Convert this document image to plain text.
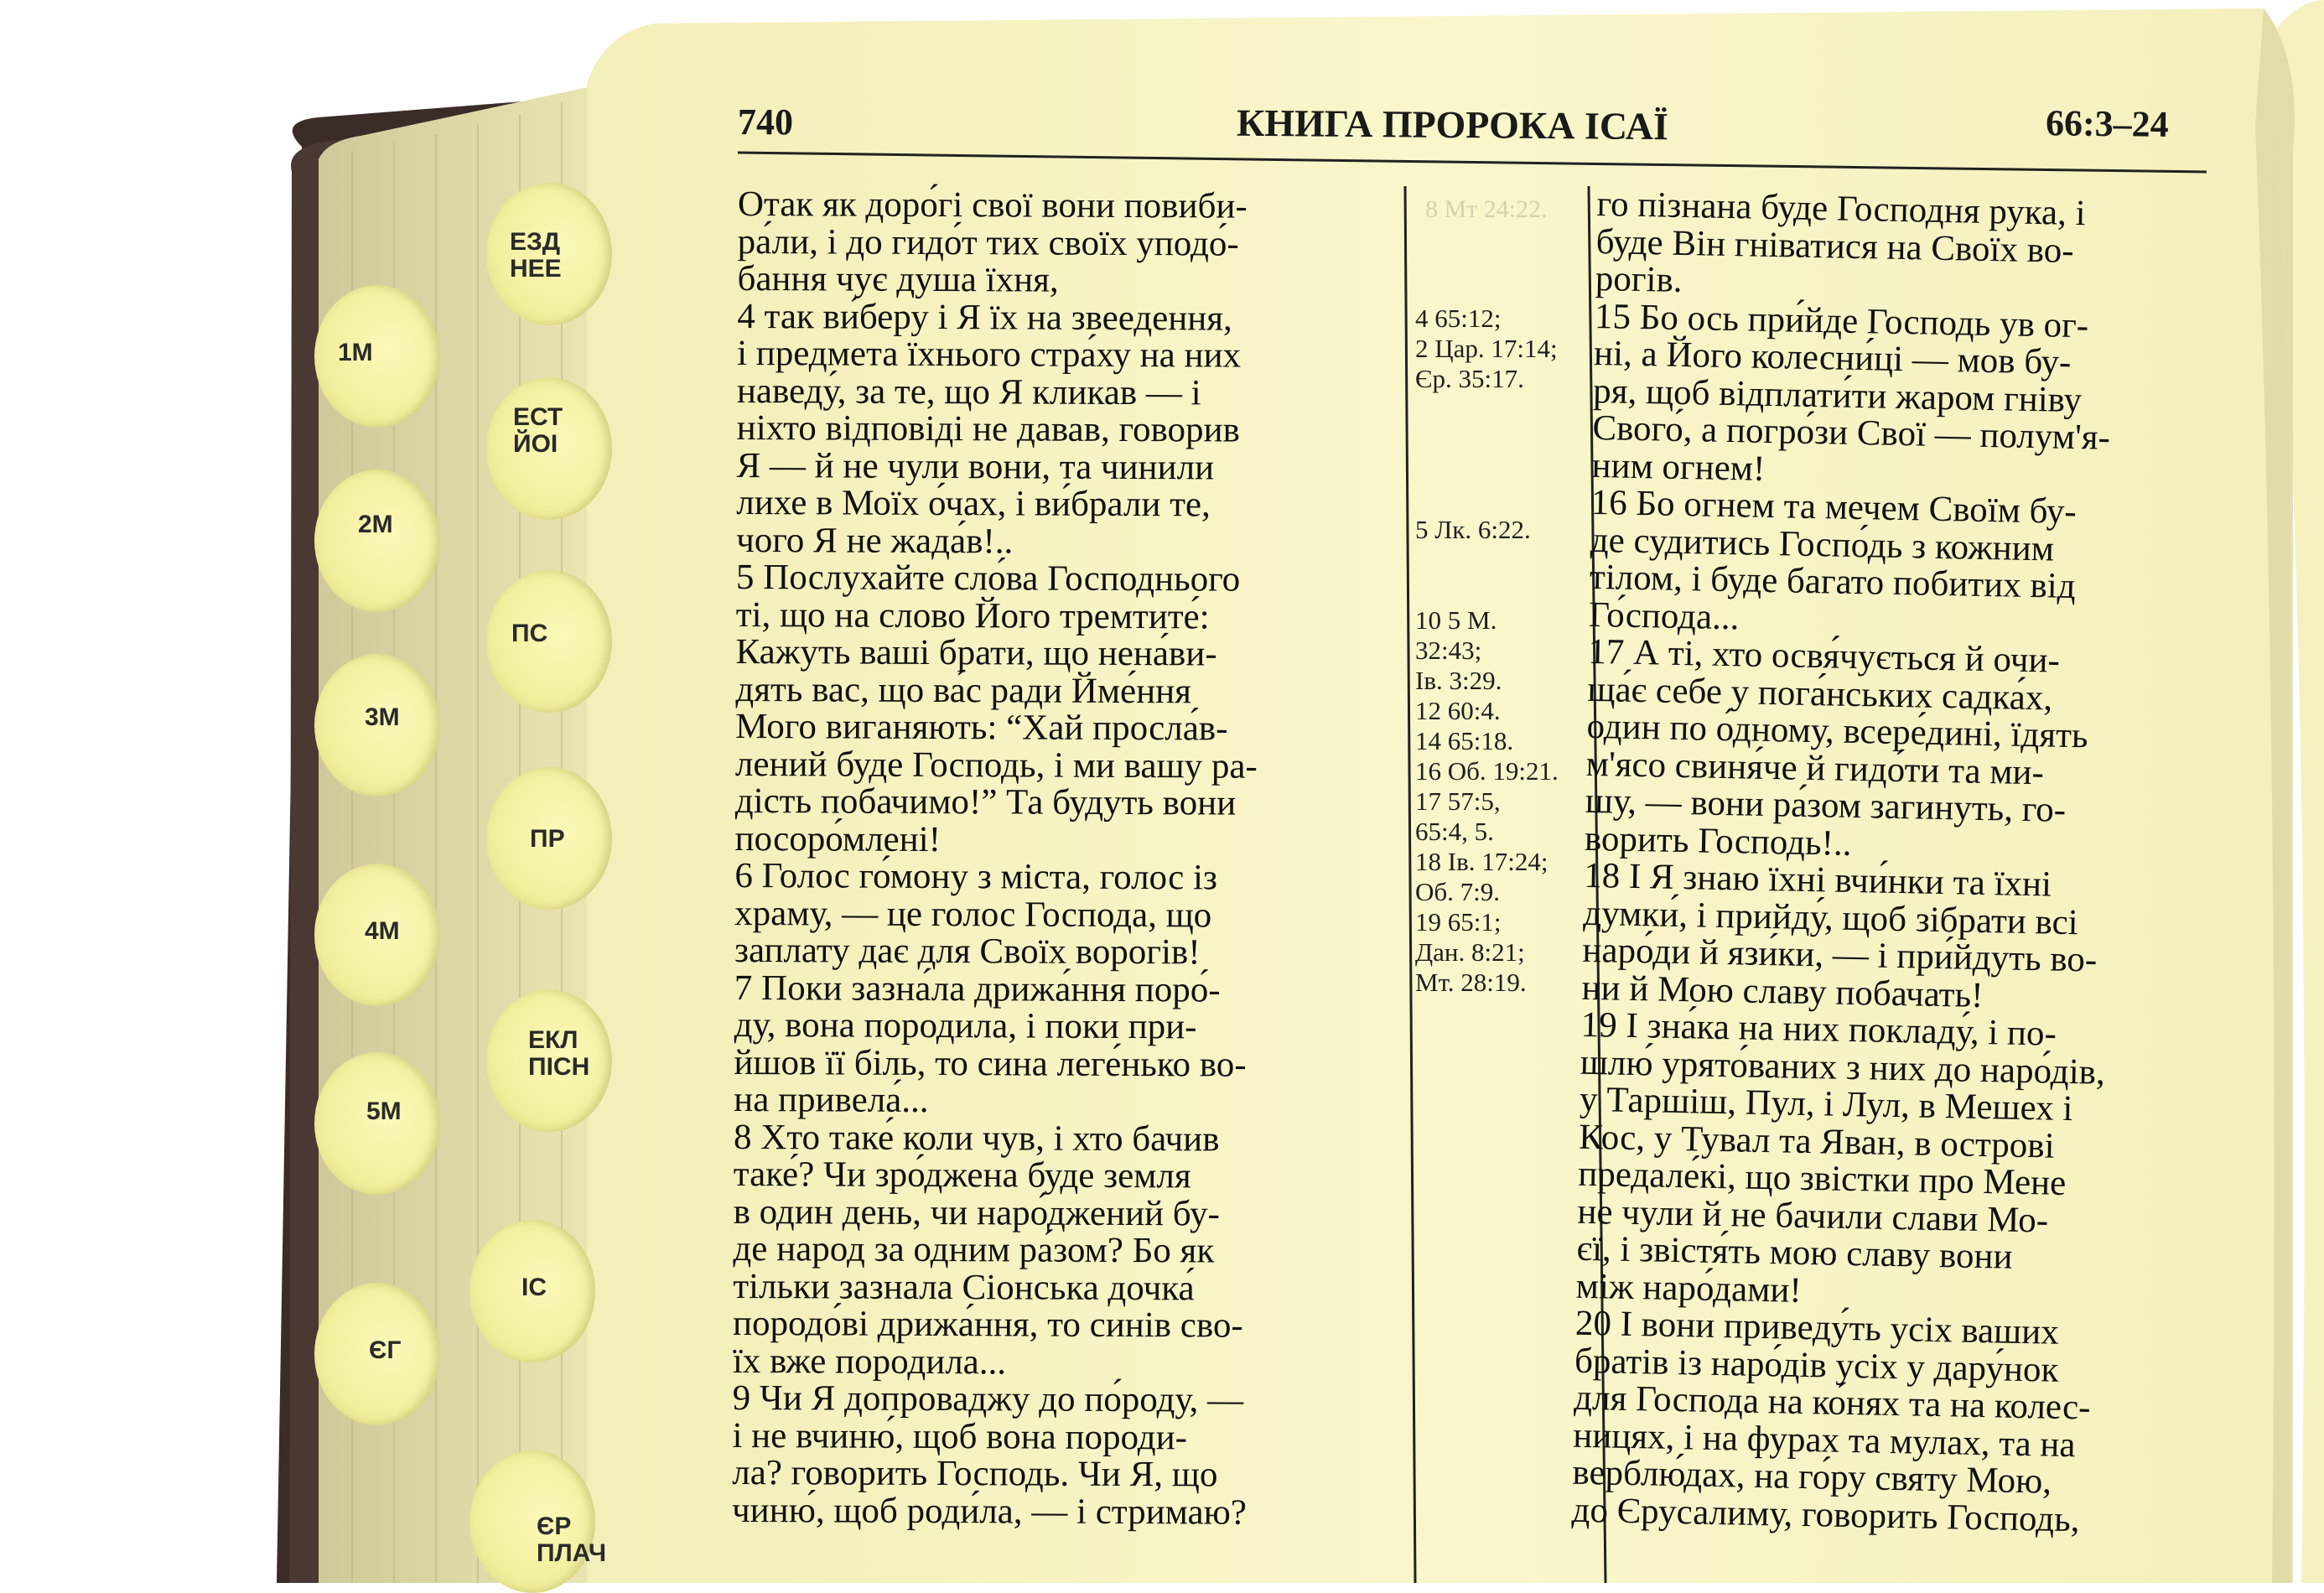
ЕЗД
НЕЕ
1М
ЕСТ
ЙОІ
2М
ПС
3М
ПР
4М
ЕКЛ
ПІСН
5М
ІС
ЄГ
ЄР
ПЛАЧ
740	КНИГА ПРОРОКА ІСАЇ	66:3–24
8 Мт 24:22.

Отак як доро́гі свої вони повиби-
ра́ли, і до гидо́т тих своїх уподо́-
бання чує душа їхня,
4 так ви́беру і Я їх на звеедення,
і предмета їхнього стра́ху на них
наведу́, за те, що Я кликав — і
ніхто відповіді не давав, говорив
Я — й не чули вони, та чинили
лихе в Моїх о́чах, і ви́брали те,
чого Я не жада́в!..
5 Послухайте сло́ва Господнього
ті, що на слово Його тремтите́:
Кажуть ваші брати, що нена́ви-
дять вас, що ва́с ради Йме́ння
Мого виганяють: “Хай просла́в-
лений буде Господь, і ми вашу ра-
дість побачимо!” Та будуть вони
посоро́млені!
6 Голос го́мону з міста, голос із
храму, — це голос Господа, що
заплату дає для Своїх ворогів!
7 Поки зазна́ла дрижа́ння поро́-
ду, вона породила, і поки при-
йшов її біль, то сина леге́нько во-
на привела́...
8 Хто таке́ коли чув, і хто бачив
таке́? Чи зро́джена буде земля
в один день, чи наро́джений бу-
де народ за одним ра́зом? Бо як
тільки зазнала Сіонська дочка́
породо́ві дрижа́ння, то синів сво-
їх вже породила...
9 Чи Я допроваджу до по́роду, —
і не вчиню́, щоб вона породи-
ла? говорить Господь. Чи Я, що
чиню́, щоб роди́ла, — і стримаю?
4 65:12;
2 Цар. 17:14;
Єр. 35:17.

5 Лк. 6:22.

10 5 М.
32:43;
Ів. 3:29.
12 60:4.
14 65:18.
16 Об. 19:21.
17 57:5,
65:4, 5.
18 Ів. 17:24;
Об. 7:9.
19 65:1;
Дан. 8:21;
Мт. 28:19.
го пізнана буде Господня рука, і
буде Він гніватися на Своїх во-
рогів.
15 Бо ось при́йде Господь ув ог-
ні, а Його колесни́ці — мов бу-
ря, щоб відплати́ти жаром гніву
Свого́, а погро́зи Свої — полум'я-
ним огнем!
16 Бо огнем та мечем Своїм бу-
де судитись Госпо́дь з кожним
тілом, і буде багато побитих від
Го́спода...
17 А ті, хто освя́чується й очи-
ща́є себе у пога́нських садка́х,
один по о́дному, всере́дині, їдять
м'ясо свиня́че й гидо́ти та ми-
шу, — вони ра́зом загинуть, го-
ворить Господь!..
18 І Я знаю їхні вчи́нки та їхні
думки́, і прийду́, щоб зібрати всі
наро́ди й язи́ки, — і при́йдуть во-
ни й Мою славу побачать!
19 І зна́ка на них покладу́, і по-
шлю́ урято́ваних з них до наро́дів,
у Таршіш, Пул, і Лул, в Мешех і
Кос, у Тувал та Яван, в острові
предале́кі, що звістки про Мене
не чули й не бачили слави Мо-
єї, і звістя́ть мою славу вони
між наро́дами!
20 І вони приведу́ть усіх ваших
братів із наро́дів усіх у дару́нок
для Господа на ко́нях та на колес-
ницях, і на фурах та мулах, та на
верблю́дах, на го́ру святу Мою,
до Єрусалиму, говорить Господь,
